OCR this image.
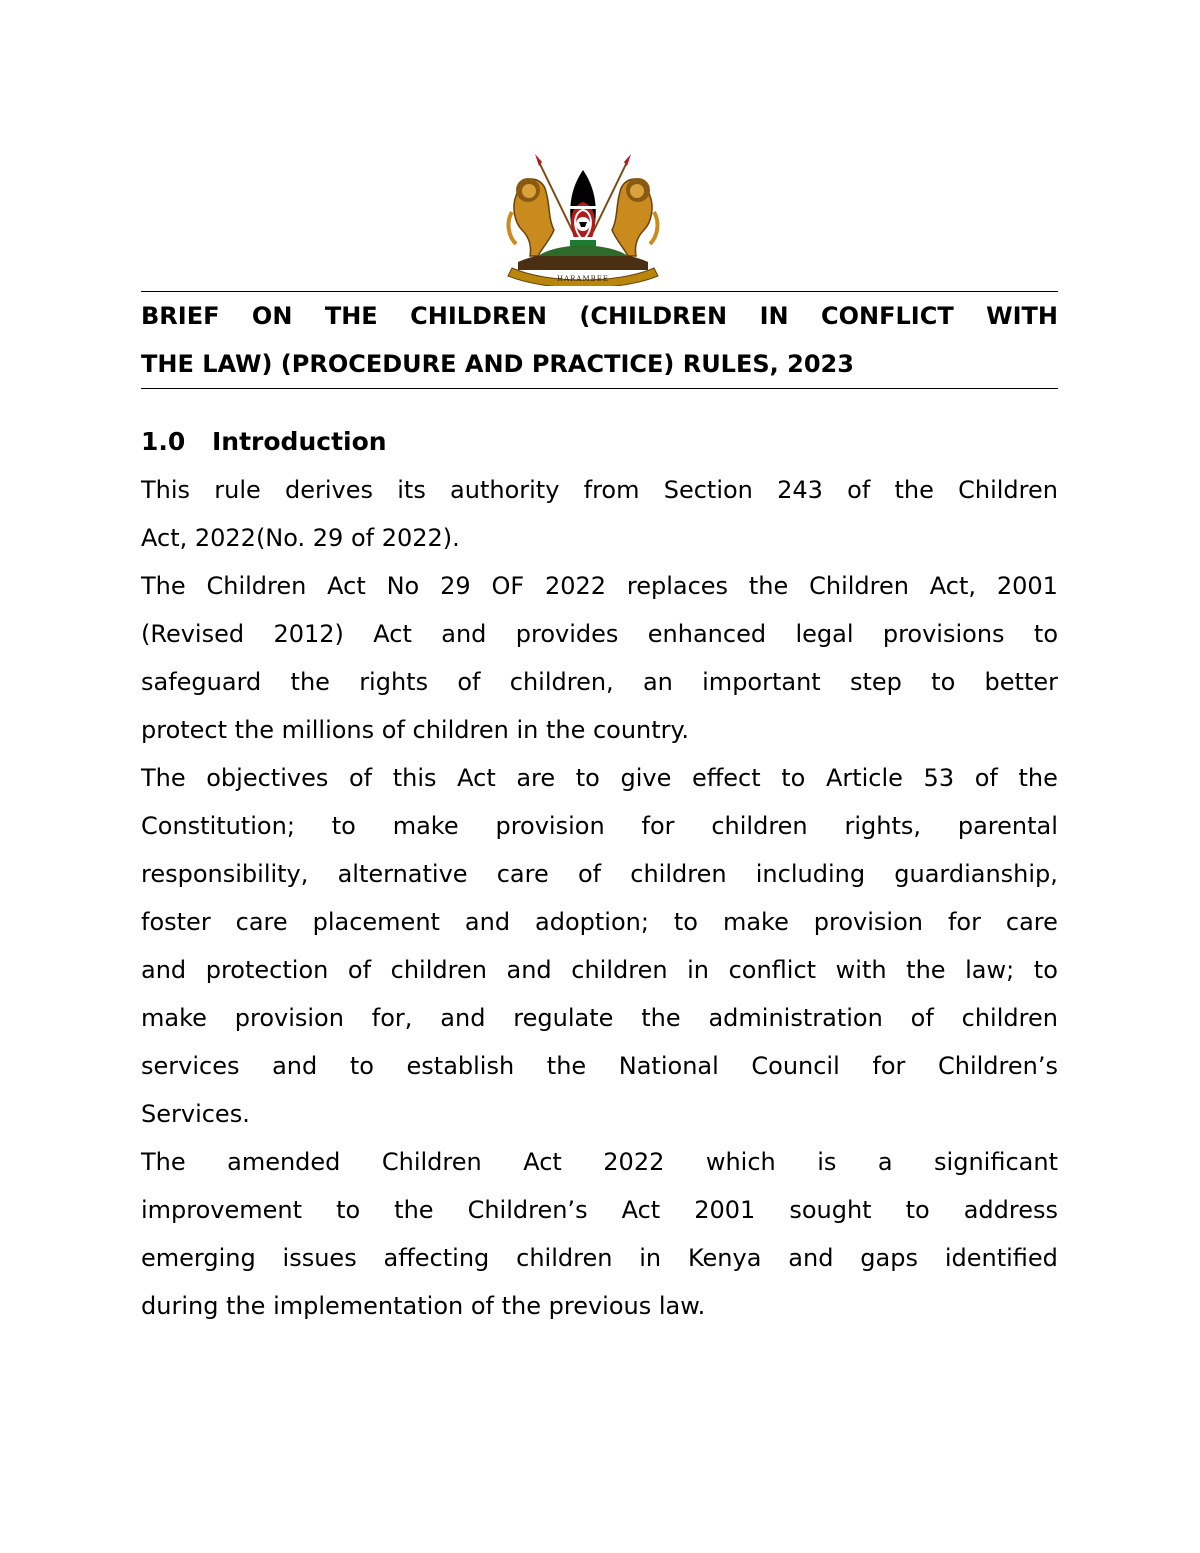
HARAMBEE
BRIEF ON THE CHILDREN (CHILDREN IN CONFLICT WITH
THE LAW) (PROCEDURE AND PRACTICE) RULES, 2023
1.0 Introduction
This rule derives its authority from Section 243 of the Children
Act, 2022(No. 29 of 2022).
The Children Act No 29 OF 2022 replaces the Children Act, 2001
(Revised 2012) Act and provides enhanced legal provisions to
safeguard the rights of children, an important step to better
protect the millions of children in the country.
The objectives of this Act are to give effect to Article 53 of the
Constitution; to make provision for children rights, parental
responsibility, alternative care of children including guardianship,
foster care placement and adoption; to make provision for care
and protection of children and children in conflict with the law; to
make provision for, and regulate the administration of children
services and to establish the National Council for Children’s
Services.
The amended Children Act 2022 which is a significant
improvement to the Children’s Act 2001 sought to address
emerging issues affecting children in Kenya and gaps identified
during the implementation of the previous law.
